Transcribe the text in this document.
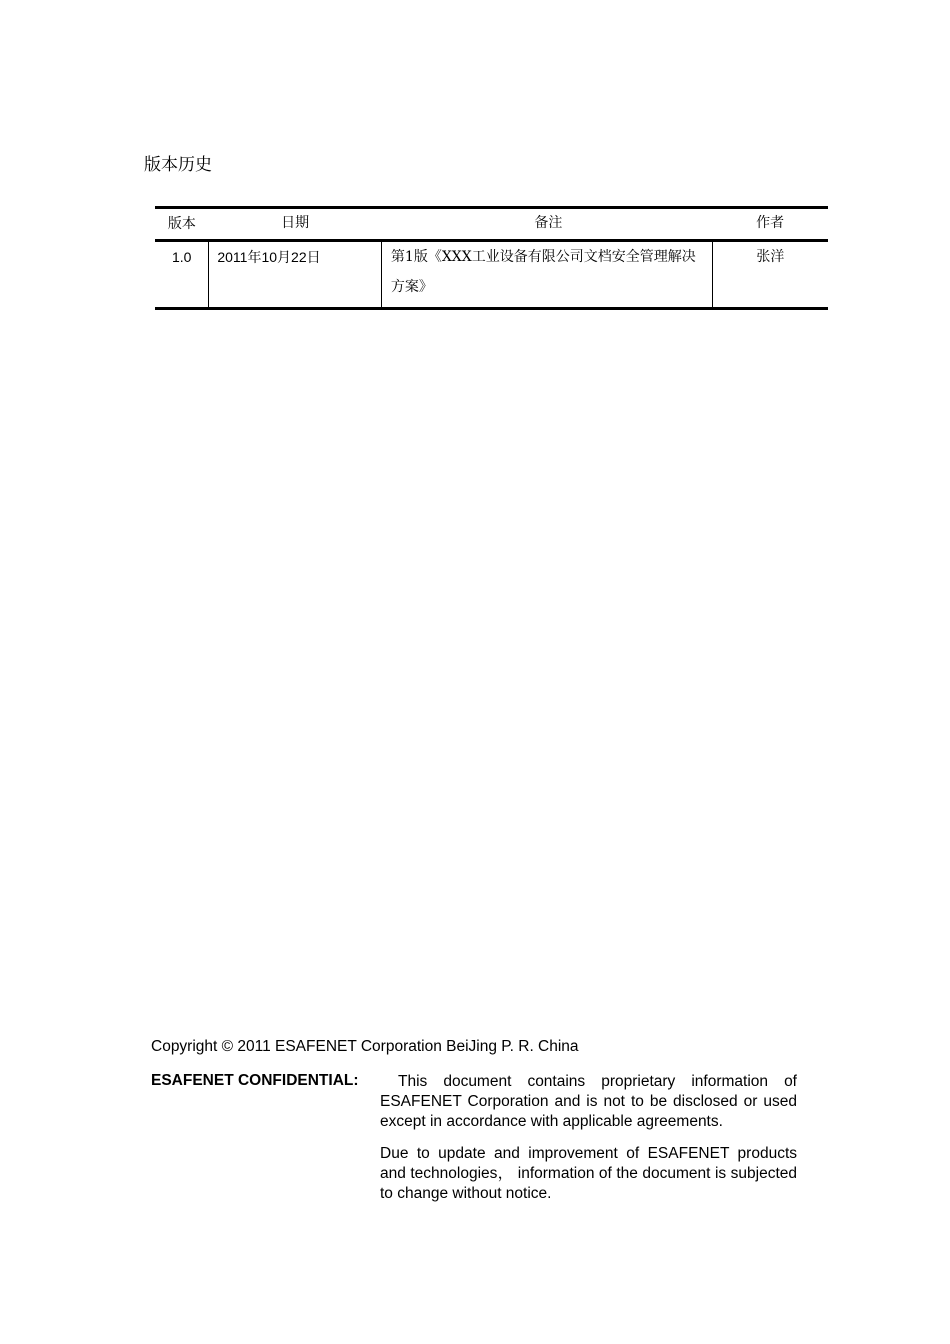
版本历史
版本	日期	备注	作者
1.0	2011年10月22日	第1版《XXX工业设备有限公司文档安全管理解决方案》	张洋
Copyright © 2011 ESAFENET Corporation BeiJing P. R. China
ESAFENET CONFIDENTIAL:	This document contains proprietary information of ESAFENET Corporation and is not to be disclosed or used except in accordance with applicable agreements.
Due to update and improvement of ESAFENET products and technologies， information of the document is subjected to change without notice.
